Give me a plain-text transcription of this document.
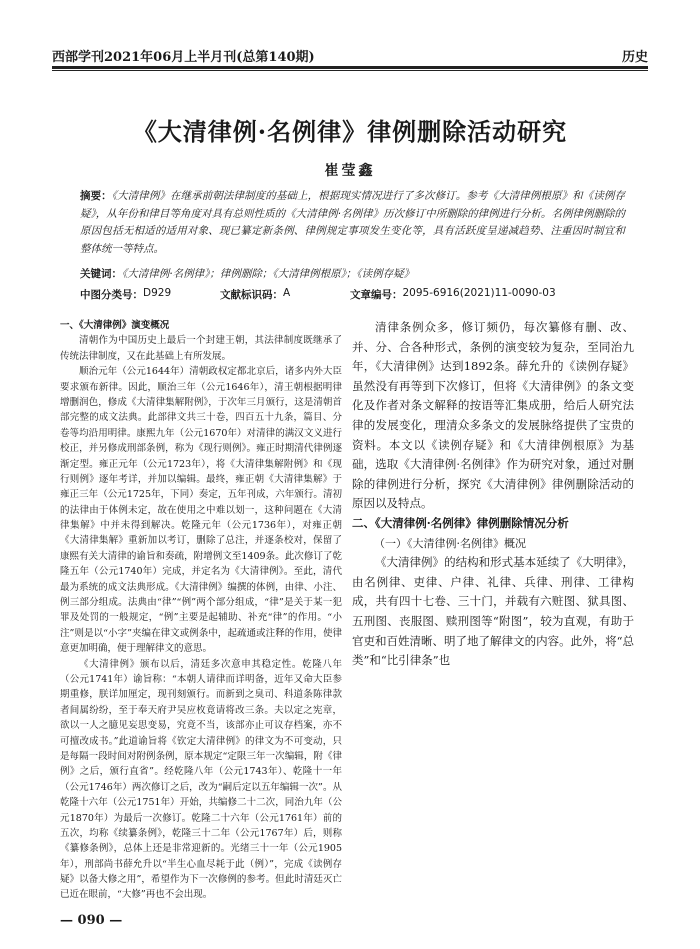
西部学刊2021年06月上半月刊(总第140期)	历史
《大清律例·名例律》律例删除活动研究
崔莹鑫
摘要：《大清律例》在继承前朝法律制度的基础上，根据现实情况进行了多次修订。参考《大清律例根原》和《读例存疑》，从年份和律目等角度对具有总则性质的《大清律例·名例律》历次修订中所删除的律例进行分析。名例律例删除的原因包括无相适的适用对象、现已纂定新条例、律例规定事项发生变化等，具有活跃度呈递减趋势、注重因时制宜和整体统一等特点。
关键词：《大清律例·名例律》；律例删除；《大清律例根原》；《读例存疑》
中图分类号： D929	文献标识码： A	文章编号： 2095-6916(2021)11-0090-03
一、《大清律例》演变概况

清朝作为中国历史上最后一个封建王朝，其法律制度既继承了传统法律制度，又在此基础上有所发展。

顺治元年（公元1644年）清朝政权定都北京后，诸多内外大臣要求颁布新律。因此，顺治三年（公元1646年），清王朝根据明律增删润色，修成《大清律集解附例》，于次年三月颁行，这是清朝首部完整的成文法典。此部律文共三十卷，四百五十九条，篇目、分卷等均沿用明律。康熙九年（公元1670年）对清律的满汉文义进行校正，并另修成刑部条例，称为《现行则例》。雍正时期清代律例逐渐定型。雍正元年（公元1723年），将《大清律集解附例》和《现行则例》逐年考详，并加以编辑。最终，雍正朝《大清律集解》于雍正三年（公元1725年，下同）奏定，五年刊成，六年颁行。清初的法律由于体例未定，故在使用之中难以划一，这种问题在《大清律集解》中并未得到解决。乾隆元年（公元1736年），对雍正朝《大清律集解》重新加以考订，删除了总注，并逐条校对，保留了康熙有关大清律的谕旨和奏疏，附增例文至1409条。此次修订了乾隆五年（公元1740年）完成，并定名为《大清律例》。至此，清代最为系统的成文法典形成。《大清律例》编撰的体例，由律、小注、例三部分组成。法典由“律”“例”两个部分组成，“律”是关于某一犯罪及处罚的一般规定，“例”主要是起辅助、补充“律”的作用。“小注”则是以“小字”夹编在律文或例条中，起疏通或注释的作用，使律意更加明确，便于理解律文的意思。

《大清律例》颁布以后，清廷多次意申其稳定性。乾隆八年（公元1741年）谕旨称：“本朝人请律而详明备，近年又命大臣参期重修，朕详加厘定，现刊刻颁行。而新到之臭司、科道条陈律款者间属纷纷，至于奉天府尹吴应枚竟请将改三条。夫以定之宪章，欲以一人之臆见妄思变易，究竟不当，该部亦止可议存档案，亦不可擅改成书。”此道谕旨将《钦定大清律例》的律文为不可变动，只是每隔一段时间对附例条例，原本规定“定限三年一次编辑，附《律例》之后，颁行直省”。经乾隆八年（公元1743年）、乾隆十一年（公元1746年）两次修订之后，改为“嗣后定以五年编辑一次”。从乾隆十六年（公元1751年）开始，共编修二十二次，同治九年（公元1870年）为最后一次修订。乾隆二十六年（公元1761年）前的五次，均称《续纂条例》，乾隆三十二年（公元1767年）后，则称《纂修条例》，总体上还是非常迎新的。光绪三十一年（公元1905年），刑部尚书薛允升以“半生心血尽耗于此（例）”，完成《读例存疑》以备大修之用”，希望作为下一次修例的参考。但此时清廷灭亡已近在眼前，“大修”再也不会出现。

清律条例众多，修订频仍，每次纂修有删、改、并、分、合各种形式，条例的演变较为复杂，至同治九年，《大清律例》达到1892条。薛允升的《读例存疑》虽然没有再等到下次修订，但将《大清律例》的条文变化及作者对条文解释的按语等汇集成册，给后人研究法律的发展变化，理清众多条文的发展脉络提供了宝贵的资料。本文以《读例存疑》和《大清律例根原》为基础，选取《大清律例·名例律》作为研究对象，通过对删除的律例进行分析，探究《大清律例》律例删除活动的原因以及特点。

二、《大清律例·名例律》律例删除情况分析
（一）《大清律例·名例律》概况

《大清律例》的结构和形式基本延续了《大明律》，由名例律、吏律、户律、礼律、兵律、刑律、工律构成，共有四十七卷、三十门，并载有六赃图、狱具图、五刑图、丧服图、赎刑图等“附图”，较为直观，有助于官吏和百姓清晰、明了地了解律文的内容。此外，将“总类”和“比引律条”也

— 090 —
